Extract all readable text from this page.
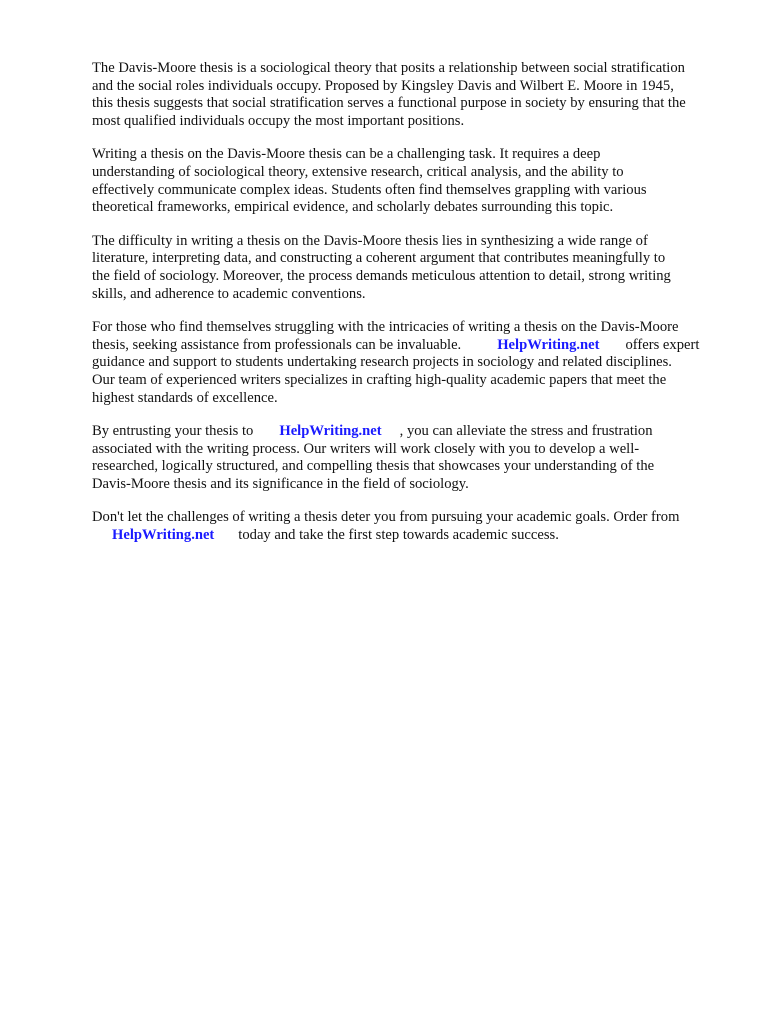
The Davis-Moore thesis is a sociological theory that posits a relationship between social stratification
and the social roles individuals occupy. Proposed by Kingsley Davis and Wilbert E. Moore in 1945,
this thesis suggests that social stratification serves a functional purpose in society by ensuring that the
most qualified individuals occupy the most important positions.
Writing a thesis on the Davis-Moore thesis can be a challenging task. It requires a deep
understanding of sociological theory, extensive research, critical analysis, and the ability to
effectively communicate complex ideas. Students often find themselves grappling with various
theoretical frameworks, empirical evidence, and scholarly debates surrounding this topic.
The difficulty in writing a thesis on the Davis-Moore thesis lies in synthesizing a wide range of
literature, interpreting data, and constructing a coherent argument that contributes meaningfully to
the field of sociology. Moreover, the process demands meticulous attention to detail, strong writing
skills, and adherence to academic conventions.
For those who find themselves struggling with the intricacies of writing a thesis on the Davis-Moore
thesis, seeking assistance from professionals can be invaluable. HelpWriting.net offers expert
guidance and support to students undertaking research projects in sociology and related disciplines.
Our team of experienced writers specializes in crafting high-quality academic papers that meet the
highest standards of excellence.
By entrusting your thesis to HelpWriting.net , you can alleviate the stress and frustration
associated with the writing process. Our writers will work closely with you to develop a well-
researched, logically structured, and compelling thesis that showcases your understanding of the
Davis-Moore thesis and its significance in the field of sociology.
Don't let the challenges of writing a thesis deter you from pursuing your academic goals. Order from
HelpWriting.net today and take the first step towards academic success.
